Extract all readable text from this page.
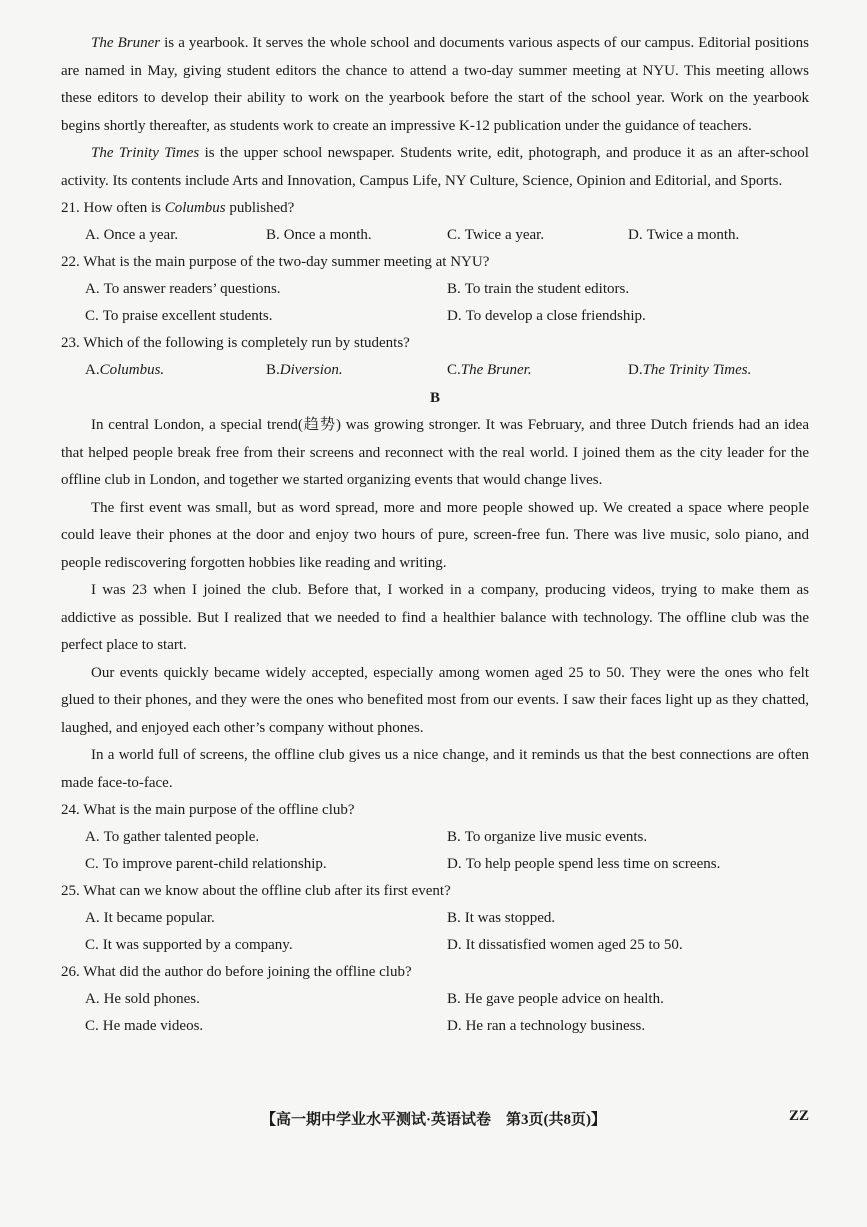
The Bruner is a yearbook. It serves the whole school and documents various aspects of our campus. Editorial positions are named in May, giving student editors the chance to attend a two-day summer meeting at NYU. This meeting allows these editors to develop their ability to work on the yearbook before the start of the school year. Work on the yearbook begins shortly thereafter, as students work to create an impressive K-12 publication under the guidance of teachers.

The Trinity Times is the upper school newspaper. Students write, edit, photograph, and produce it as an after-school activity. Its contents include Arts and Innovation, Campus Life, NY Culture, Science, Opinion and Editorial, and Sports.

21. How often is Columbus published?

A. Once a year.	B. Once a month.	C. Twice a year.	D. Twice a month.

22. What is the main purpose of the two-day summer meeting at NYU?

A. To answer readers’ questions.	B. To train the student editors.
C. To praise excellent students.	D. To develop a close friendship.

23. Which of the following is completely run by students?

A.Columbus.	B.Diversion.	C.The Bruner.	D.The Trinity Times.

B

In central London, a special trend(趋势) was growing stronger. It was February, and three Dutch friends had an idea that helped people break free from their screens and reconnect with the real world. I joined them as the city leader for the offline club in London, and together we started organizing events that would change lives.

The first event was small, but as word spread, more and more people showed up. We created a space where people could leave their phones at the door and enjoy two hours of pure, screen-free fun. There was live music, solo piano, and people rediscovering forgotten hobbies like reading and writing.

I was 23 when I joined the club. Before that, I worked in a company, producing videos, trying to make them as addictive as possible. But I realized that we needed to find a healthier balance with technology. The offline club was the perfect place to start.

Our events quickly became widely accepted, especially among women aged 25 to 50. They were the ones who felt glued to their phones, and they were the ones who benefited most from our events. I saw their faces light up as they chatted, laughed, and enjoyed each other’s company without phones.

In a world full of screens, the offline club gives us a nice change, and it reminds us that the best connections are often made face-to-face.

24. What is the main purpose of the offline club?

A. To gather talented people.	B. To organize live music events.
C. To improve parent-child relationship.	D. To help people spend less time on screens.

25. What can we know about the offline club after its first event?

A. It became popular.	B. It was stopped.
C. It was supported by a company.	D. It dissatisfied women aged 25 to 50.

26. What did the author do before joining the offline club?

A. He sold phones.	B. He gave people advice on health.
C. He made videos.	D. He ran a technology business.
【高一期中学业水平测试·英语试卷　第3页(共8页)】	ZZ
